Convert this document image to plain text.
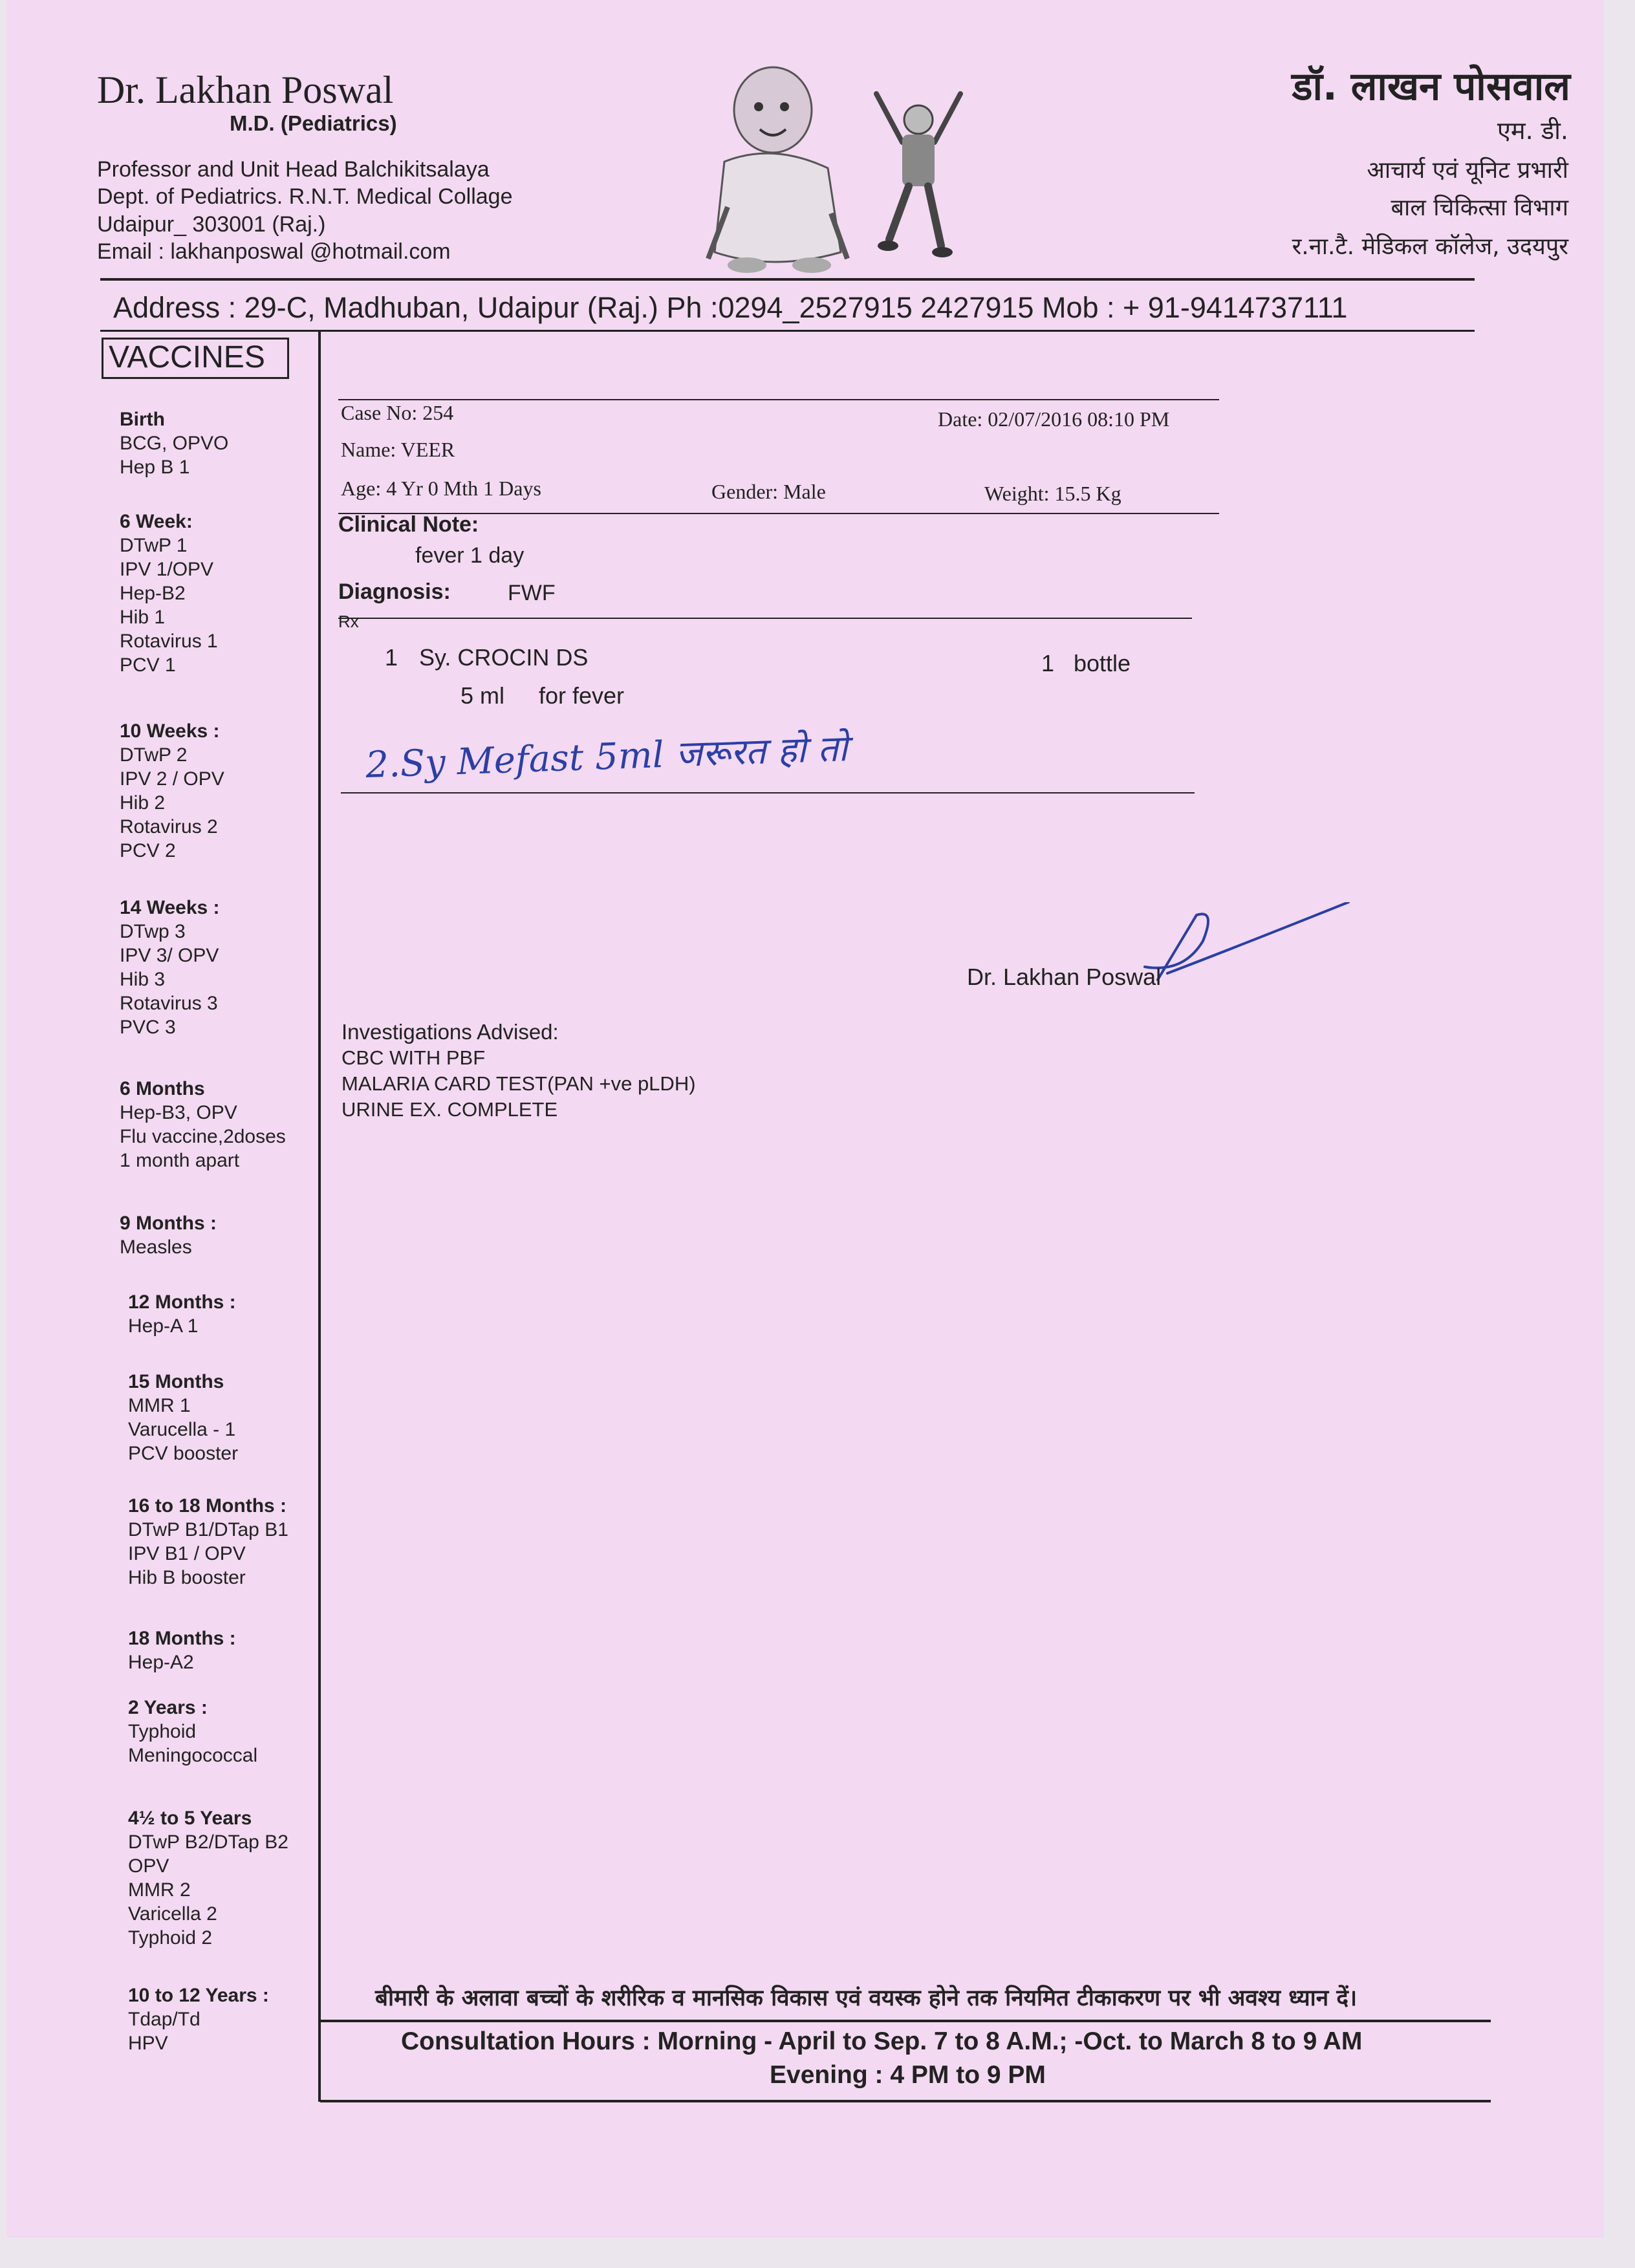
Dr. Lakhan Poswal
M.D. (Pediatrics)
Professor and Unit Head Balchikitsalaya
Dept. of Pediatrics. R.N.T. Medical Collage
Udaipur_ 303001 (Raj.)
Email : lakhanposwal @hotmail.com
डॉ. लाखन पोसवाल
एम. डी.
आचार्य एवं यूनिट प्रभारी
बाल चिकित्सा विभाग
र.ना.टै. मेडिकल कॉलेज, उदयपुर
Address : 29-C, Madhuban, Udaipur (Raj.) Ph :0294_2527915 2427915 Mob : + 91-9414737111
VACCINES
Birth
BCG, OPVO
Hep B 1
6 Week:
DTwP 1
IPV 1/OPV
Hep-B2
Hib 1
Rotavirus 1
PCV 1
10 Weeks :
DTwP 2
IPV 2 / OPV
Hib 2
Rotavirus 2
PCV 2
14 Weeks :
DTwp 3
IPV 3/ OPV
Hib 3
Rotavirus 3
PVC 3
6 Months
Hep-B3, OPV
Flu vaccine,2doses
1 month apart
9 Months :
Measles
12 Months :
Hep-A 1
15 Months
MMR 1
Varucella - 1
PCV booster
16 to 18 Months :
DTwP B1/DTap B1
IPV B1 / OPV
Hib B booster
18 Months :
Hep-A2
2 Years :
Typhoid
Meningococcal
4½ to 5 Years
DTwP B2/DTap B2
OPV
MMR 2
Varicella 2
Typhoid 2
10 to 12 Years :
Tdap/Td
HPV
Case No: 254	Date: 02/07/2016 08:10 PM
Name: VEER
Age: 4 Yr 0 Mth 1 Days	Gender: Male	Weight: 15.5 Kg
Clinical Note:
fever 1 day
Diagnosis:	FWF
Rx
1 Sy. CROCIN DS	1 bottle
5 ml for fever
2.Sy Mefast 5ml जरूरत हो तो
Dr. Lakhan Poswal
Investigations Advised:
CBC WITH PBF
MALARIA CARD TEST(PAN +ve pLDH)
URINE EX. COMPLETE
बीमारी के अलावा बच्चों के शरीरिक व मानसिक विकास एवं वयस्क होने तक नियमित टीकाकरण पर भी अवश्य ध्यान दें।
Consultation Hours : Morning - April to Sep. 7 to 8 A.M.; -Oct. to March 8 to 9 AM
Evening : 4 PM to 9 PM
